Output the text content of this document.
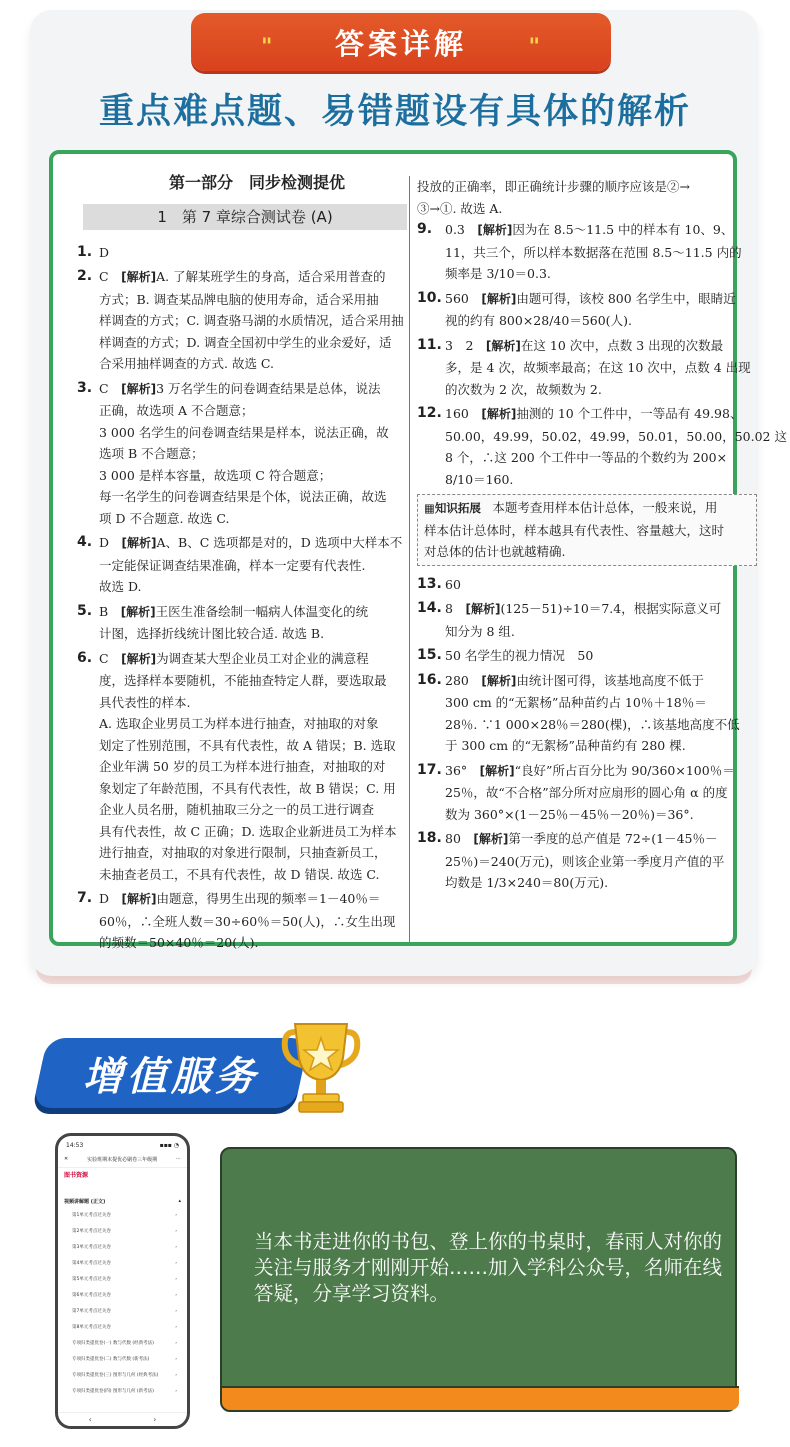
" 答案详解	"
重点难点题、易错题设有具体的解析
第一部分　同步检测提优
1　第 7 章综合测试卷 (A)
1. D

2. C　[解析]A. 了解某班学生的身高，适合采用普查的

方式；B. 调查某品牌电脑的使用寿命，适合采用抽

样调查的方式；C. 调查骆马湖的水质情况，适合采用抽

样调查的方式；D. 调查全国初中学生的业余爱好，适

合采用抽样调查的方式. 故选 C.

3. C　[解析]3 万名学生的问卷调查结果是总体，说法

正确，故选项 A 不合题意；

3 000 名学生的问卷调查结果是样本，说法正确，故

选项 B 不合题意；

3 000 是样本容量，故选项 C 符合题意；

每一名学生的问卷调查结果是个体，说法正确，故选

项 D 不合题意. 故选 C.

4. D　[解析]A、B、C 选项都是对的，D 选项中大样本不

一定能保证调查结果准确，样本一定要有代表性.

故选 D.

5. B　[解析]王医生准备绘制一幅病人体温变化的统

计图，选择折线统计图比较合适. 故选 B.

6. C　[解析]为调查某大型企业员工对企业的满意程

度，选择样本要随机，不能抽查特定人群，要选取最

具代表性的样本.

A. 选取企业男员工为样本进行抽查，对抽取的对象

划定了性别范围，不具有代表性，故 A 错误；B. 选取

企业年满 50 岁的员工为样本进行抽查，对抽取的对

象划定了年龄范围，不具有代表性，故 B 错误；C. 用

企业人员名册，随机抽取三分之一的员工进行调查

具有代表性，故 C 正确；D. 选取企业新进员工为样本

进行抽查，对抽取的对象进行限制，只抽查新员工，

未抽查老员工，不具有代表性，故 D 错误. 故选 C.

7. D　[解析]由题意，得男生出现的频率＝1－40％＝

60％，∴全班人数＝30÷60％＝50(人)，∴女生出现

的频数＝50×40％＝20(人).

投放的正确率，即正确统计步骤的顺序应该是②→

③→①. 故选 A.

9.	0.3　[解析]因为在 8.5～11.5 中的样本有 10、9、

11，共三个，所以样本数据落在范围 8.5～11.5 内的

频率是 3/10＝0.3.

10. 560　[解析]由题可得，该校 800 名学生中，眼睛近

视的约有 800×28/40＝560(人).

11. 3　2　[解析]在这 10 次中，点数 3 出现的次数最

多，是 4 次，故频率最高；在这 10 次中，点数 4 出现

的次数为 2 次，故频数为 2.

12. 160　[解析]抽测的 10 个工件中，一等品有 49.98、

50.00，49.99，50.02，49.99，50.01，50.00，50.02 这

8 个，∴这 200 个工件中一等品的个数约为 200×

8/10＝160.

▦知识拓展　本题考查用样本估计总体，一般来说，用

样本估计总体时，样本越具有代表性、容量越大，这时

对总体的估计也就越精确.

13. 60

14. 8　[解析](125－51)÷10＝7.4，根据实际意义可

知分为 8 组.

15. 50 名学生的视力情况　50

16. 280　[解析]由统计图可得，该基地高度不低于

300 cm 的“无絮杨”品种苗约占 10％＋18％＝

28％. ∵1 000×28％＝280(棵)，∴该基地高度不低

于 300 cm 的“无絮杨”品种苗约有 280 棵.

17. 36°　[解析]“良好”所占百分比为 90/360×100％＝

25％，故“不合格”部分所对应扇形的圆心角 α 的度

数为 360°×(1－25％－45％－20％)＝36°.

18. 80　[解析]第一季度的总产值是 72÷(1－45％－

25％)＝240(万元)，则该企业第一季度月产值的平

均数是 1/3×240＝80(万元).

增值服务
14:53	▪▪▪ ◔
✕	实验班期末提优必刷卷三年级期	⋯
图书资源
视频讲解题 (正文)	▴
第1单元考点过关卷	›
第2单元考点过关卷	›
第3单元考点过关卷	›
第4单元考点过关卷	›
第5单元考点过关卷	›
第6单元考点过关卷	›
第7单元考点过关卷	›
第8单元考点过关卷	›
专项归类提优卷(一) 数与代数 (经典考法)	›
专项归类提优卷(二) 数与代数 (新考法)	›
专项归类提优卷(三) 图形与几何 (经典考法)	›
专项归类提优卷(四) 图形与几何 (新考法)	›
‹	›
当本书走进你的书包、登上你的书桌时，春雨人对你的关注与服务才刚刚开始……加入学科公众号，名师在线答疑，分享学习资料。
